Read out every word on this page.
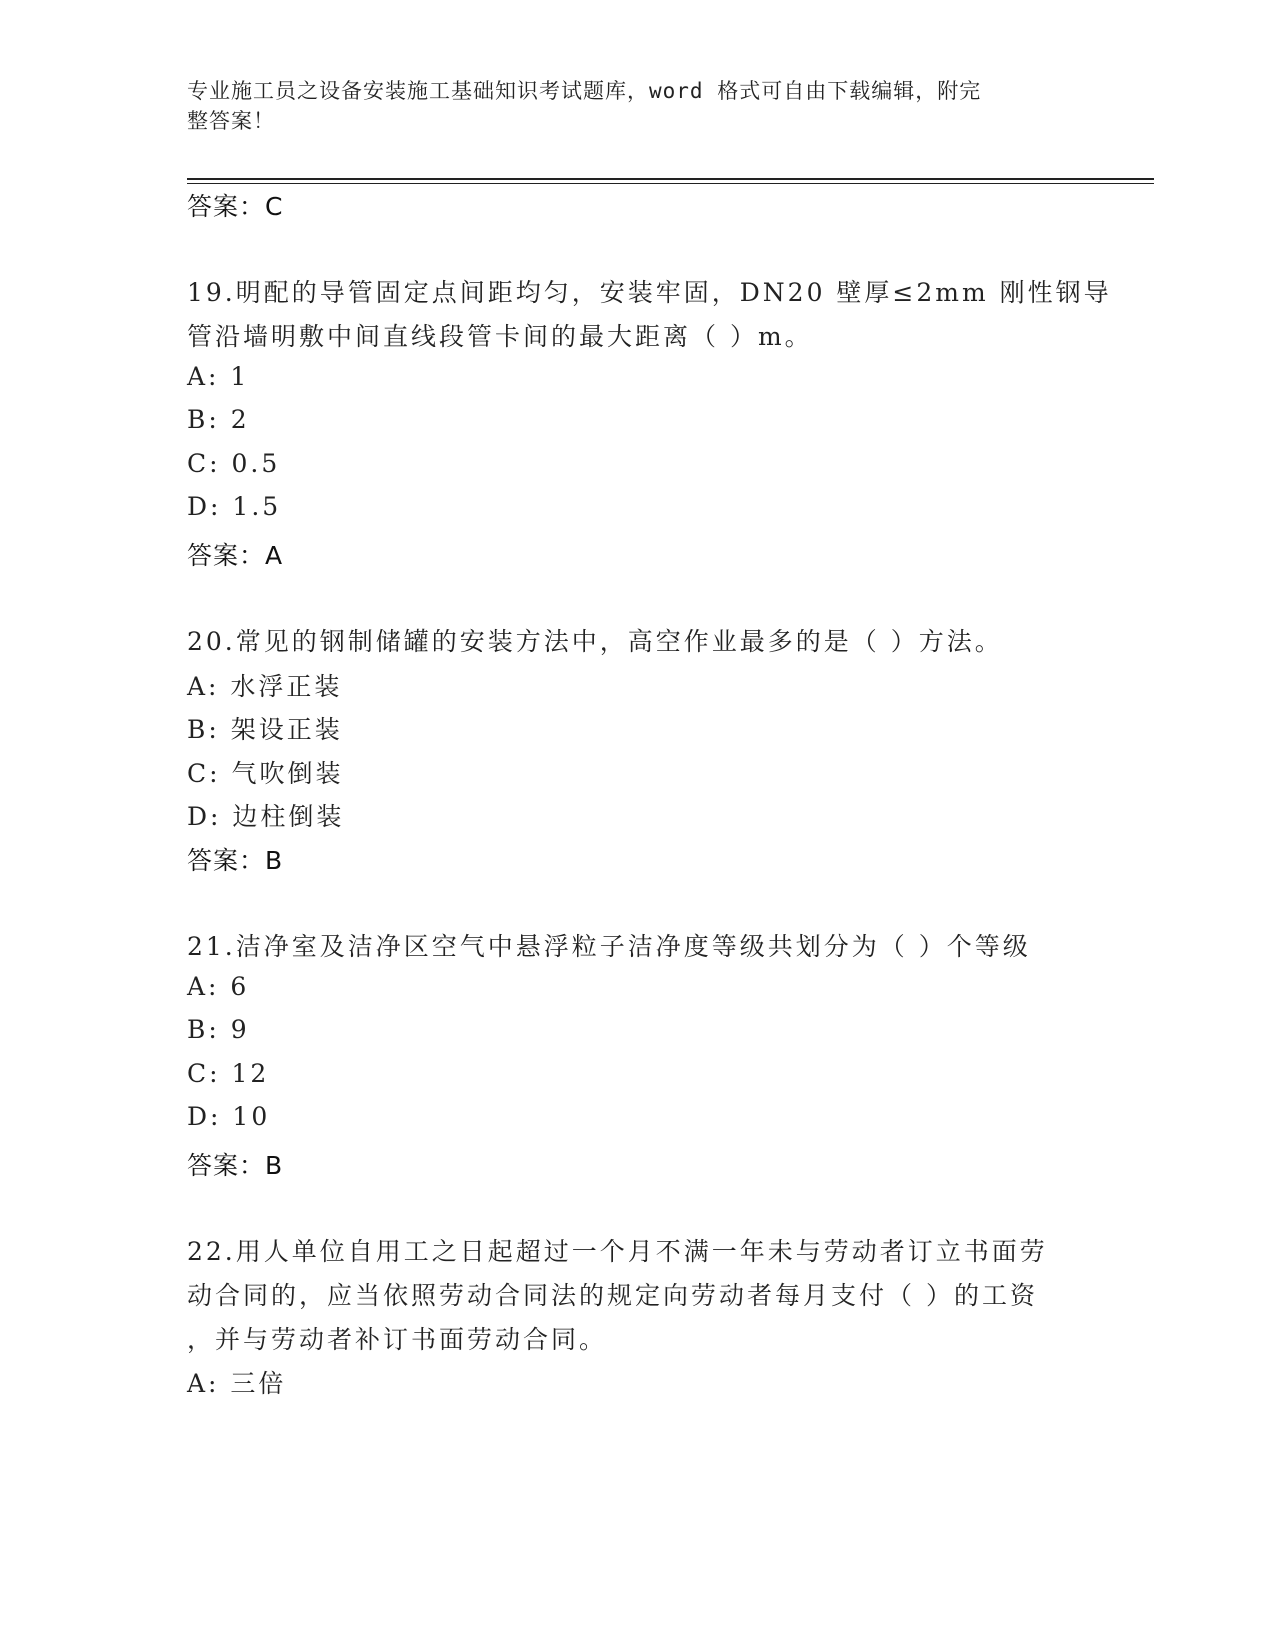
专业施工员之设备安装施工基础知识考试题库，word 格式可自由下载编辑，附完
整答案！
答案：C
19.明配的导管固定点间距均匀，安装牢固，DN20 壁厚≤2mm 刚性钢导
管沿墙明敷中间直线段管卡间的最大距离（ ）m。
A: 1
B: 2
C: 0.5
D: 1.5
答案：A
20.常见的钢制储罐的安装方法中，高空作业最多的是（ ）方法。
A: 水浮正装
B: 架设正装
C: 气吹倒装
D: 边柱倒装
答案：B
21.洁净室及洁净区空气中悬浮粒子洁净度等级共划分为（ ）个等级
A: 6
B: 9
C: 12
D: 10
答案：B
22.用人单位自用工之日起超过一个月不满一年未与劳动者订立书面劳
动合同的，应当依照劳动合同法的规定向劳动者每月支付（ ）的工资
，并与劳动者补订书面劳动合同。
A: 三倍
